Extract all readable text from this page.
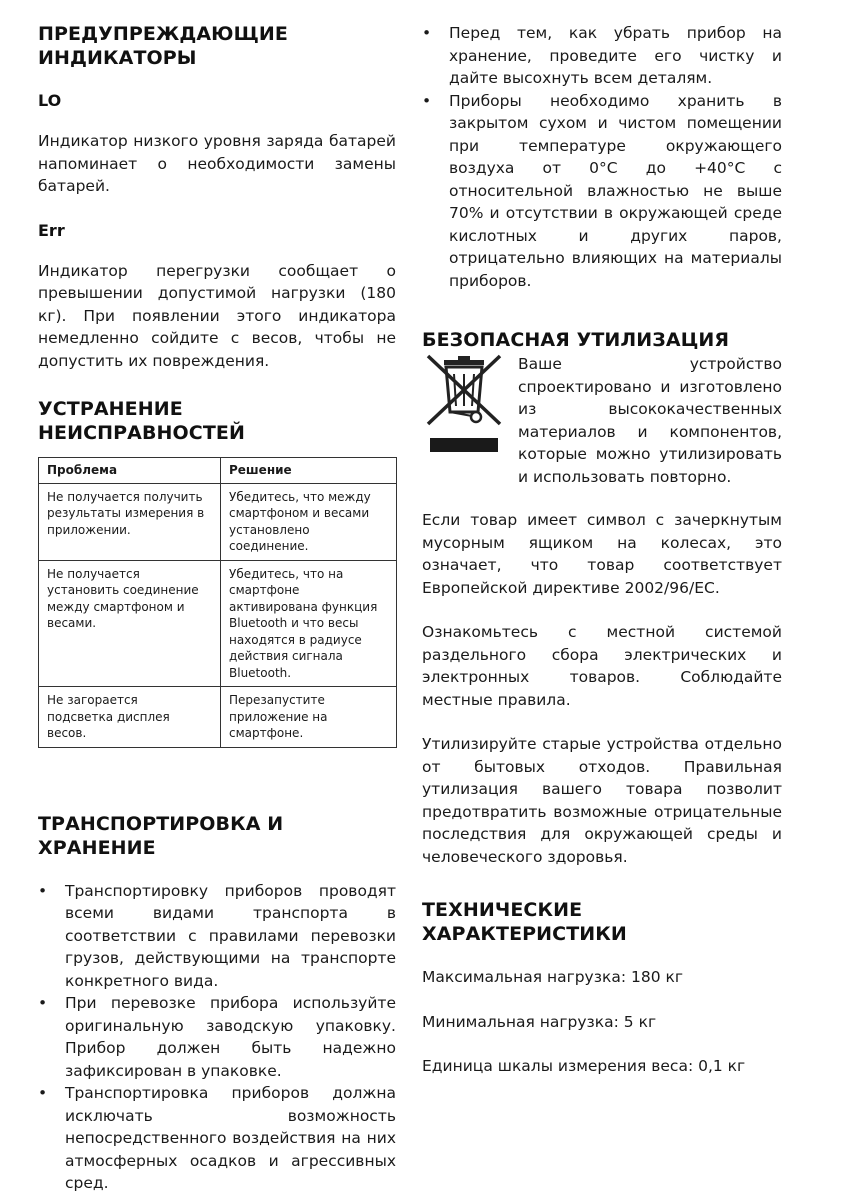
ПРЕДУПРЕЖДАЮЩИЕ ИНДИКАТОРЫ
LO

Индикатор низкого уровня заряда батарей напоминает о необходимости замены батарей.

Err

Индикатор перегрузки сообщает о превышении допустимой нагрузки (180 кг). При появлении этого индикатора немедленно сойдите с весов, чтобы не допустить их повреждения.

УСТРАНЕНИЕ НЕИСПРАВНОСТЕЙ
Проблема	Решение
Не получается получить результаты измерения в приложении.	Убедитесь, что между смартфоном и весами установлено соединение.
Не получается установить соединение между смартфоном и весами.	Убедитесь, что на смартфоне активирована функция Bluetooth и что весы находятся в радиусе действия сигнала Bluetooth.
Не загорается подсветка дисплея весов.	Перезапустите приложение на смартфоне.
ТРАНСПОРТИРОВКА И ХРАНЕНИЕ
• Транспортировку приборов проводят всеми видами транспорта в соответствии с правилами перевозки грузов, действующими на транспорте конкретного вида.
• При перевозке прибора используйте оригинальную заводскую упаковку. Прибор должен быть надежно зафиксирован в упаковке.
• Транспортировка приборов должна исключать возможность непосредственного воздействия на них атмосферных осадков и агрессивных сред.
• Перед тем, как убрать прибор на хранение, проведите его чистку и дайте высохнуть всем деталям.
• Приборы необходимо хранить в закрытом сухом и чистом помещении при температуре окружающего воздуха от 0°С до +40°С с относительной влажностью не выше 70% и отсутствии в окружающей среде кислотных и других паров, отрицательно влияющих на материалы приборов.
БЕЗОПАСНАЯ УТИЛИЗАЦИЯ

Ваше устройство спроектировано и изготовлено из высококачественных материалов и компонентов, которые можно утилизировать и использовать повторно.

Если товар имеет символ с зачеркнутым мусорным ящиком на колесах, это означает, что товар соответствует Европейской директиве 2002/96/ЕС.

Ознакомьтесь с местной системой раздельного сбора электрических и электронных товаров. Соблюдайте местные правила.

Утилизируйте старые устройства отдельно от бытовых отходов. Правильная утилизация вашего товара позволит предотвратить возможные отрицательные последствия для окружающей среды и человеческого здоровья.

ТЕХНИЧЕСКИЕ ХАРАКТЕРИСТИКИ

Максимальная нагрузка: 180 кг

Минимальная нагрузка: 5 кг

Единица шкалы измерения веса: 0,1 кг
